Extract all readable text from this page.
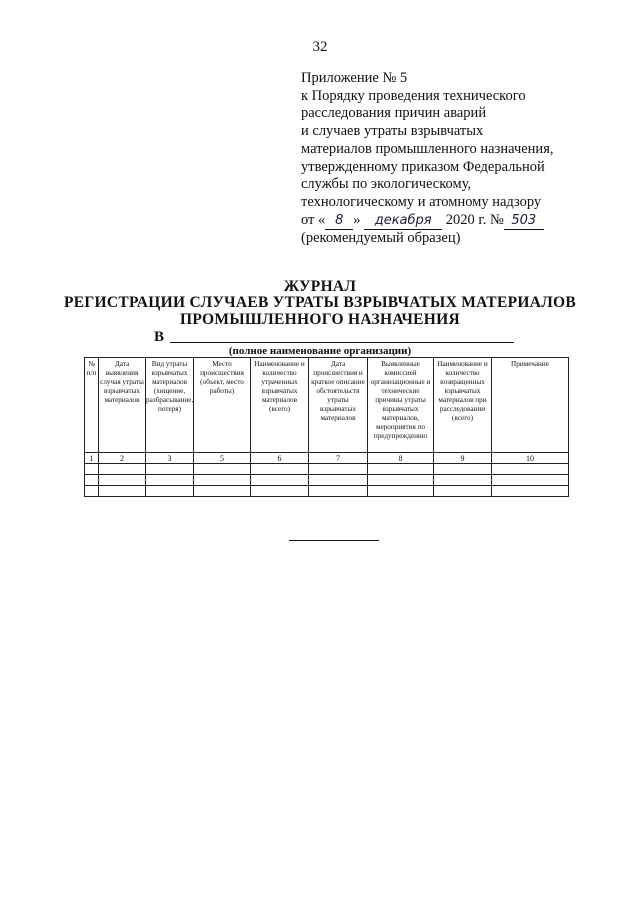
32
Приложение № 5
к Порядку проведения технического
расследования причин аварий
и случаев утраты взрывчатых
материалов промышленного назначения,
утвержденному приказом Федеральной
службы по экологическому,
технологическому и атомному надзору
от « 8 » декабря 2020 г. № 503
(рекомендуемый образец)
ЖУРНАЛ
РЕГИСТРАЦИИ СЛУЧАЕВ УТРАТЫ ВЗРЫВЧАТЫХ МАТЕРИАЛОВ
ПРОМЫШЛЕННОГО НАЗНАЧЕНИЯ
В
(полное наименование организации)
№ п/п	Дата выявления случая утраты взрывчатых материалов	Вид утраты взрывчатых материалов (хищение, разбрасывание, потеря)	Место происшествия (объект, место работы)	Наименование и количество утраченных взрывчатых материалов (всего)	Дата происшествия и краткое описание обстоятельств утраты взрывчатых материалов	Выявленные комиссией организационные и технические причины утраты взрывчатых материалов, мероприятия по предупреждению	Наименование и количество возвращенных взрывчатых материалов при расследовании (всего)	Примечание
1	2	3	5	6	7	8	9	10
